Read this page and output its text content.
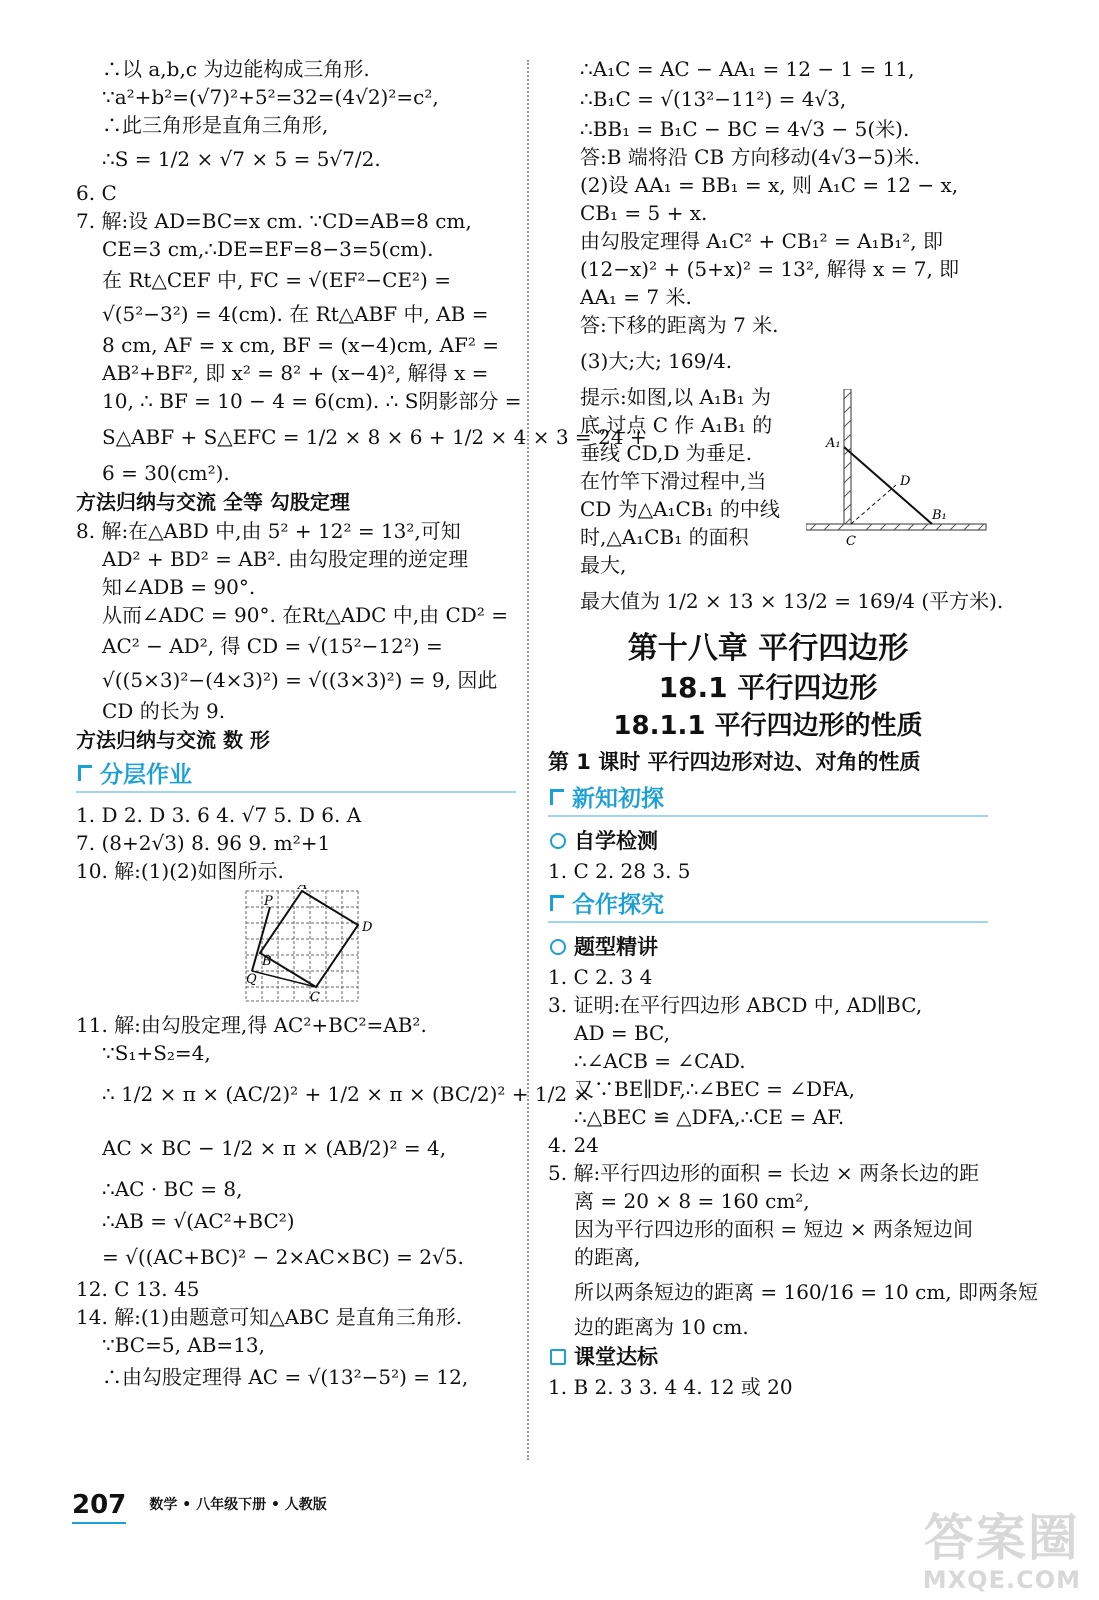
∴以 a,b,c 为边能构成三角形.
∵a²+b²=(√7)²+5²=32=(4√2)²=c²,
∴此三角形是直角三角形,
∴S = 1/2 × √7 × 5 = 5√7/2.
6. C
7. 解:设 AD=BC=x cm. ∵CD=AB=8 cm,
CE=3 cm,∴DE=EF=8−3=5(cm).
在 Rt△CEF 中, FC = √(EF²−CE²) =
√(5²−3²) = 4(cm). 在 Rt△ABF 中, AB =
8 cm, AF = x cm, BF = (x−4)cm, AF² =
AB²+BF², 即 x² = 8² + (x−4)², 解得 x =
10, ∴ BF = 10 − 4 = 6(cm). ∴ S阴影部分 =
S△ABF + S△EFC = 1/2 × 8 × 6 + 1/2 × 4 × 3 = 24 +
6 = 30(cm²).
方法归纳与交流 全等 勾股定理
8. 解:在△ABD 中,由 5² + 12² = 13²,可知
AD² + BD² = AB². 由勾股定理的逆定理
知∠ADB = 90°.
从而∠ADC = 90°. 在Rt△ADC 中,由 CD² =
AC² − AD², 得 CD = √(15²−12²) =
√((5×3)²−(4×3)²) = √((3×3)²) = 9, 因此
CD 的长为 9.
方法归纳与交流 数 形
分层作业
1. D 2. D 3. 6 4. √7 5. D 6. A
7. (8+2√3) 8. 96 9. m²+1
10. 解:(1)(2)如图所示.
A
P
D
B
Q
C
11. 解:由勾股定理,得 AC²+BC²=AB².
∵S₁+S₂=4,
∴ 1/2 × π × (AC/2)² + 1/2 × π × (BC/2)² + 1/2 ×
AC × BC − 1/2 × π × (AB/2)² = 4,
∴AC · BC = 8,
∴AB = √(AC²+BC²)
= √((AC+BC)² − 2×AC×BC) = 2√5.
12. C 13. 45
14. 解:(1)由题意可知△ABC 是直角三角形.
∵BC=5, AB=13,
∴由勾股定理得 AC = √(13²−5²) = 12,
∴A₁C = AC − AA₁ = 12 − 1 = 11,
∴B₁C = √(13²−11²) = 4√3,
∴BB₁ = B₁C − BC = 4√3 − 5(米).
答:B 端将沿 CB 方向移动(4√3−5)米.
(2)设 AA₁ = BB₁ = x, 则 A₁C = 12 − x,
CB₁ = 5 + x.
由勾股定理得 A₁C² + CB₁² = A₁B₁², 即
(12−x)² + (5+x)² = 13², 解得 x = 7, 即
AA₁ = 7 米.
答:下移的距离为 7 米.
(3)大;大; 169/4.
提示:如图,以 A₁B₁ 为
底,过点 C 作 A₁B₁ 的
垂线 CD,D 为垂足.
在竹竿下滑过程中,当
CD 为△A₁CB₁ 的中线
时,△A₁CB₁ 的面积
最大,
A₁
D
B₁
C
最大值为 1/2 × 13 × 13/2 = 169/4 (平方米).
第十八章 平行四边形
18.1 平行四边形
18.1.1 平行四边形的性质
第 1 课时 平行四边形对边、对角的性质
新知初探
自学检测
1. C 2. 28 3. 5
合作探究
题型精讲
1. C 2. 3 4
3. 证明:在平行四边形 ABCD 中, AD∥BC,
AD = BC,
∴∠ACB = ∠CAD.
又∵BE∥DF,∴∠BEC = ∠DFA,
∴△BEC ≌ △DFA,∴CE = AF.
4. 24
5. 解:平行四边形的面积 = 长边 × 两条长边的距
离 = 20 × 8 = 160 cm²,
因为平行四边形的面积 = 短边 × 两条短边间
的距离,
所以两条短边的距离 = 160/16 = 10 cm, 即两条短
边的距离为 10 cm.
课堂达标
1. B 2. 3 3. 4 4. 12 或 20
207 数学 • 八年级下册 • 人教版
答案圈
MXQE.COM
